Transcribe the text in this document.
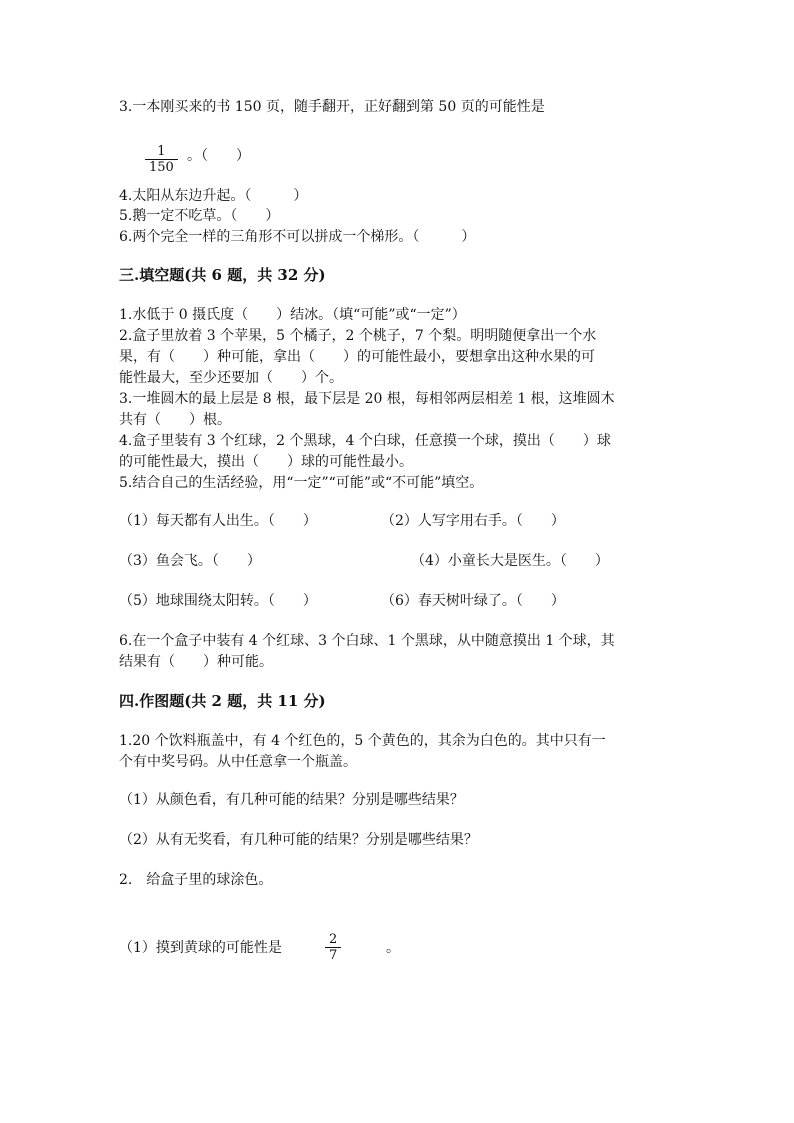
3.一本刚买来的书 150 页，随手翻开，正好翻到第 50 页的可能性是
1
150
。（　　）
4.太阳从东边升起。（　　　）
5.鹅一定不吃草。（　　）
6.两个完全一样的三角形不可以拼成一个梯形。（　　　）
三.填空题(共 6 题，共 32 分)
1.水低于 0 摄氏度（　　）结冰。（填“可能”或“一定”）
2.盒子里放着 3 个苹果，5 个橘子，2 个桃子，7 个梨。明明随便拿出一个水
果，有（　　）种可能，拿出（　　）的可能性最小，要想拿出这种水果的可
能性最大，至少还要加（　　）个。
3.一堆圆木的最上层是 8 根，最下层是 20 根，每相邻两层相差 1 根，这堆圆木
共有（　　）根。
4.盒子里装有 3 个红球，2 个黑球，4 个白球，任意摸一个球，摸出（　　）球
的可能性最大，摸出（　　）球的可能性最小。
5.结合自己的生活经验，用“一定”“可能”或“不可能”填空。
（1）每天都有人出生。（　　）	（2）人写字用右手。（　　）
（3）鱼会飞。（　　）	（4）小童长大是医生。（　　）
（5）地球围绕太阳转。（　　）	（6）春天树叶绿了。（　　）
6.在一个盒子中装有 4 个红球、3 个白球、1 个黑球，从中随意摸出 1 个球，其
结果有（　　）种可能。
四.作图题(共 2 题，共 11 分)
1.20 个饮料瓶盖中，有 4 个红色的，5 个黄色的，其余为白色的。其中只有一
个有中奖号码。从中任意拿一个瓶盖。
（1）从颜色看，有几种可能的结果？分别是哪些结果？
（2）从有无奖看，有几种可能的结果？分别是哪些结果？
2.　给盒子里的球涂色。
（1）摸到黄球的可能性是
2
7	。
